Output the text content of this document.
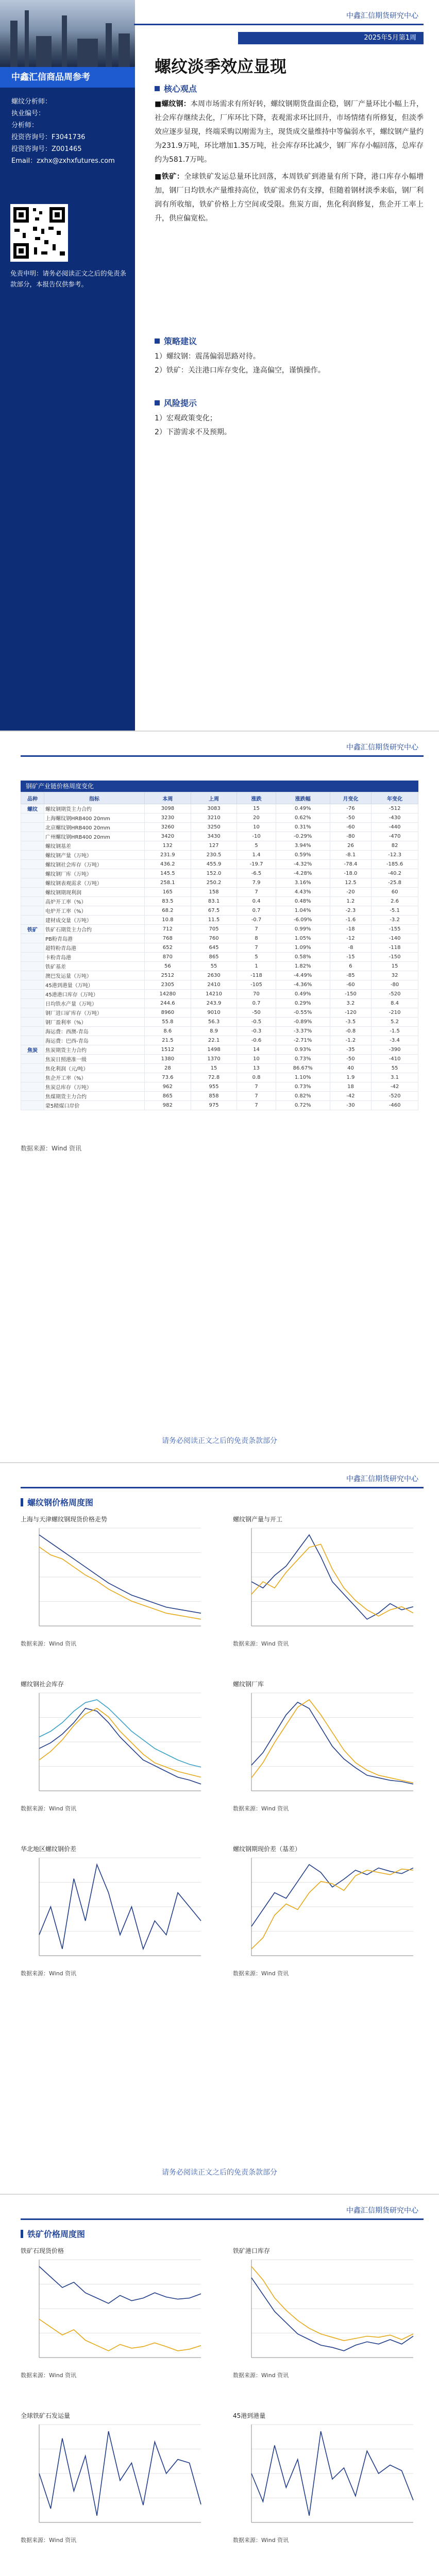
中鑫汇信商品周参考
螺纹分析师：
执业编号：
分析师：
投资咨询号：F3041736
投资咨询号：Z001465
Email：zxhx@zxhxfutures.com
免责申明：请务必阅读正文之后的免责条款部分，本报告仅供参考。
中鑫汇信期货研究中心
2025年5月第1周
螺纹淡季效应显现
核心观点

■螺纹钢：本周市场需求有所好转，螺纹钢期货盘面企稳，钢厂产量环比小幅上升，社会库存继续去化，厂库环比下降，表观需求环比回升，市场情绪有所修复，但淡季效应逐步显现，终端采购以刚需为主，现货成交量维持中等偏弱水平，螺纹钢产量约为231.9万吨，环比增加1.35万吨，社会库存环比减少，钢厂库存小幅回落，总库存约为581.7万吨。

■铁矿：全球铁矿发运总量环比回落，本周铁矿到港量有所下降，港口库存小幅增加，钢厂日均铁水产量维持高位，铁矿需求仍有支撑，但随着钢材淡季来临，钢厂利润有所收缩，铁矿价格上方空间或受限。焦炭方面，焦化利润修复，焦企开工率上升，供应偏宽松。

策略建议

1）螺纹钢：震荡偏弱思路对待。

2）铁矿：关注港口库存变化，逢高偏空，谨慎操作。

风险提示

1）宏观政策变化；

2）下游需求不及预期。

中鑫汇信期货研究中心
钢矿产业链价格周度变化
品种	指标	本周	上周	涨跌	涨跌幅	月变化	年变化
螺纹	螺纹钢期货主力合约	3098	3083	15	0.49%	-76	-512
	上海螺纹钢HRB400 20mm	3230	3210	20	0.62%	-50	-430
	北京螺纹钢HRB400 20mm	3260	3250	10	0.31%	-60	-440
	广州螺纹钢HRB400 20mm	3420	3430	-10	-0.29%	-80	-470
	螺纹钢基差	132	127	5	3.94%	26	82
	螺纹钢产量（万吨）	231.9	230.5	1.4	0.59%	-8.1	-12.3
	螺纹钢社会库存（万吨）	436.2	455.9	-19.7	-4.32%	-78.4	-185.6
	螺纹钢厂库（万吨）	145.5	152.0	-6.5	-4.28%	-18.0	-40.2
	螺纹钢表观需求（万吨）	258.1	250.2	7.9	3.16%	12.5	-25.8
	螺纹钢期现利润	165	158	7	4.43%	-20	60
	高炉开工率（%）	83.5	83.1	0.4	0.48%	1.2	2.6
	电炉开工率（%）	68.2	67.5	0.7	1.04%	-2.3	-5.1
	建材成交量（万吨）	10.8	11.5	-0.7	-6.09%	-1.6	-3.2
铁矿	铁矿石期货主力合约	712	705	7	0.99%	-18	-155
	PB粉青岛港	768	760	8	1.05%	-12	-140
	超特粉青岛港	652	645	7	1.09%	-8	-118
	卡粉青岛港	870	865	5	0.58%	-15	-150
	铁矿基差	56	55	1	1.82%	6	15
	澳巴发运量（万吨）	2512	2630	-118	-4.49%	-85	32
	45港到港量（万吨）	2305	2410	-105	-4.36%	-60	-80
	45港港口库存（万吨）	14280	14210	70	0.49%	-150	-520
	日均铁水产量（万吨）	244.6	243.9	0.7	0.29%	3.2	8.4
	钢厂进口矿库存（万吨）	8960	9010	-50	-0.55%	-120	-210
	钢厂盈利率（%）	55.8	56.3	-0.5	-0.89%	-3.5	5.2
	海运费：西澳-青岛	8.6	8.9	-0.3	-3.37%	-0.8	-1.5
	海运费：巴西-青岛	21.5	22.1	-0.6	-2.71%	-1.2	-3.4
焦炭	焦炭期货主力合约	1512	1498	14	0.93%	-35	-390
	焦炭日照港准一级	1380	1370	10	0.73%	-50	-410
	焦化利润（元/吨）	28	15	13	86.67%	40	55
	焦企开工率（%）	73.6	72.8	0.8	1.10%	1.9	3.1
	焦炭总库存（万吨）	962	955	7	0.73%	18	-42
	焦煤期货主力合约	865	858	7	0.82%	-42	-520
	蒙5精煤口岸价	982	975	7	0.72%	-30	-460
数据来源：Wind 资讯
请务必阅读正文之后的免责条款部分
中鑫汇信期货研究中心
螺纹钢价格周度图
上海与天津螺纹钢现货价格走势
数据来源：Wind 资讯
螺纹钢产量与开工
数据来源：Wind 资讯
螺纹钢社会库存
数据来源：Wind 资讯
螺纹钢厂库
数据来源：Wind 资讯
华北地区螺纹钢价差
数据来源：Wind 资讯
螺纹钢期现价差（基差）
数据来源：Wind 资讯
请务必阅读正文之后的免责条款部分
中鑫汇信期货研究中心
铁矿价格周度图
铁矿石现货价格
数据来源：Wind 资讯
铁矿港口库存
数据来源：Wind 资讯
全球铁矿石发运量
数据来源：Wind 资讯
45港到港量
数据来源：Wind 资讯
